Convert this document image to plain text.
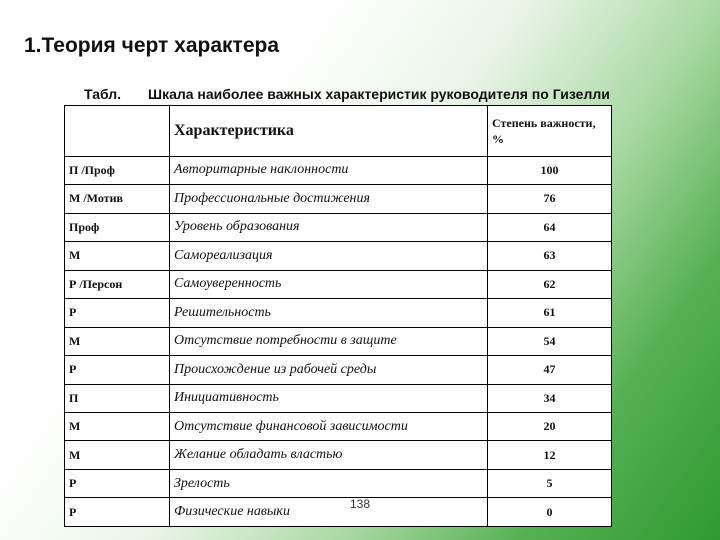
1.Теория черт характера
Табл. Шкала наиболее важных характеристик руководителя по Гизелли
	Характеристика	Степень важности, %
П /Проф	Авторитарные наклонности	100
М /Мотив	Профессиональные достижения	76
Проф	Уровень образования	64
М	Самореализация	63
Р /Персон	Самоуверенность	62
Р	Решительность	61
М	Отсутствие потребности в защите	54
Р	Происхождение из рабочей среды	47
П	Инициативность	34
М	Отсутствие финансовой зависимости	20
М	Желание обладать властью	12
Р	Зрелость	5
Р	Физические навыки	0
138
